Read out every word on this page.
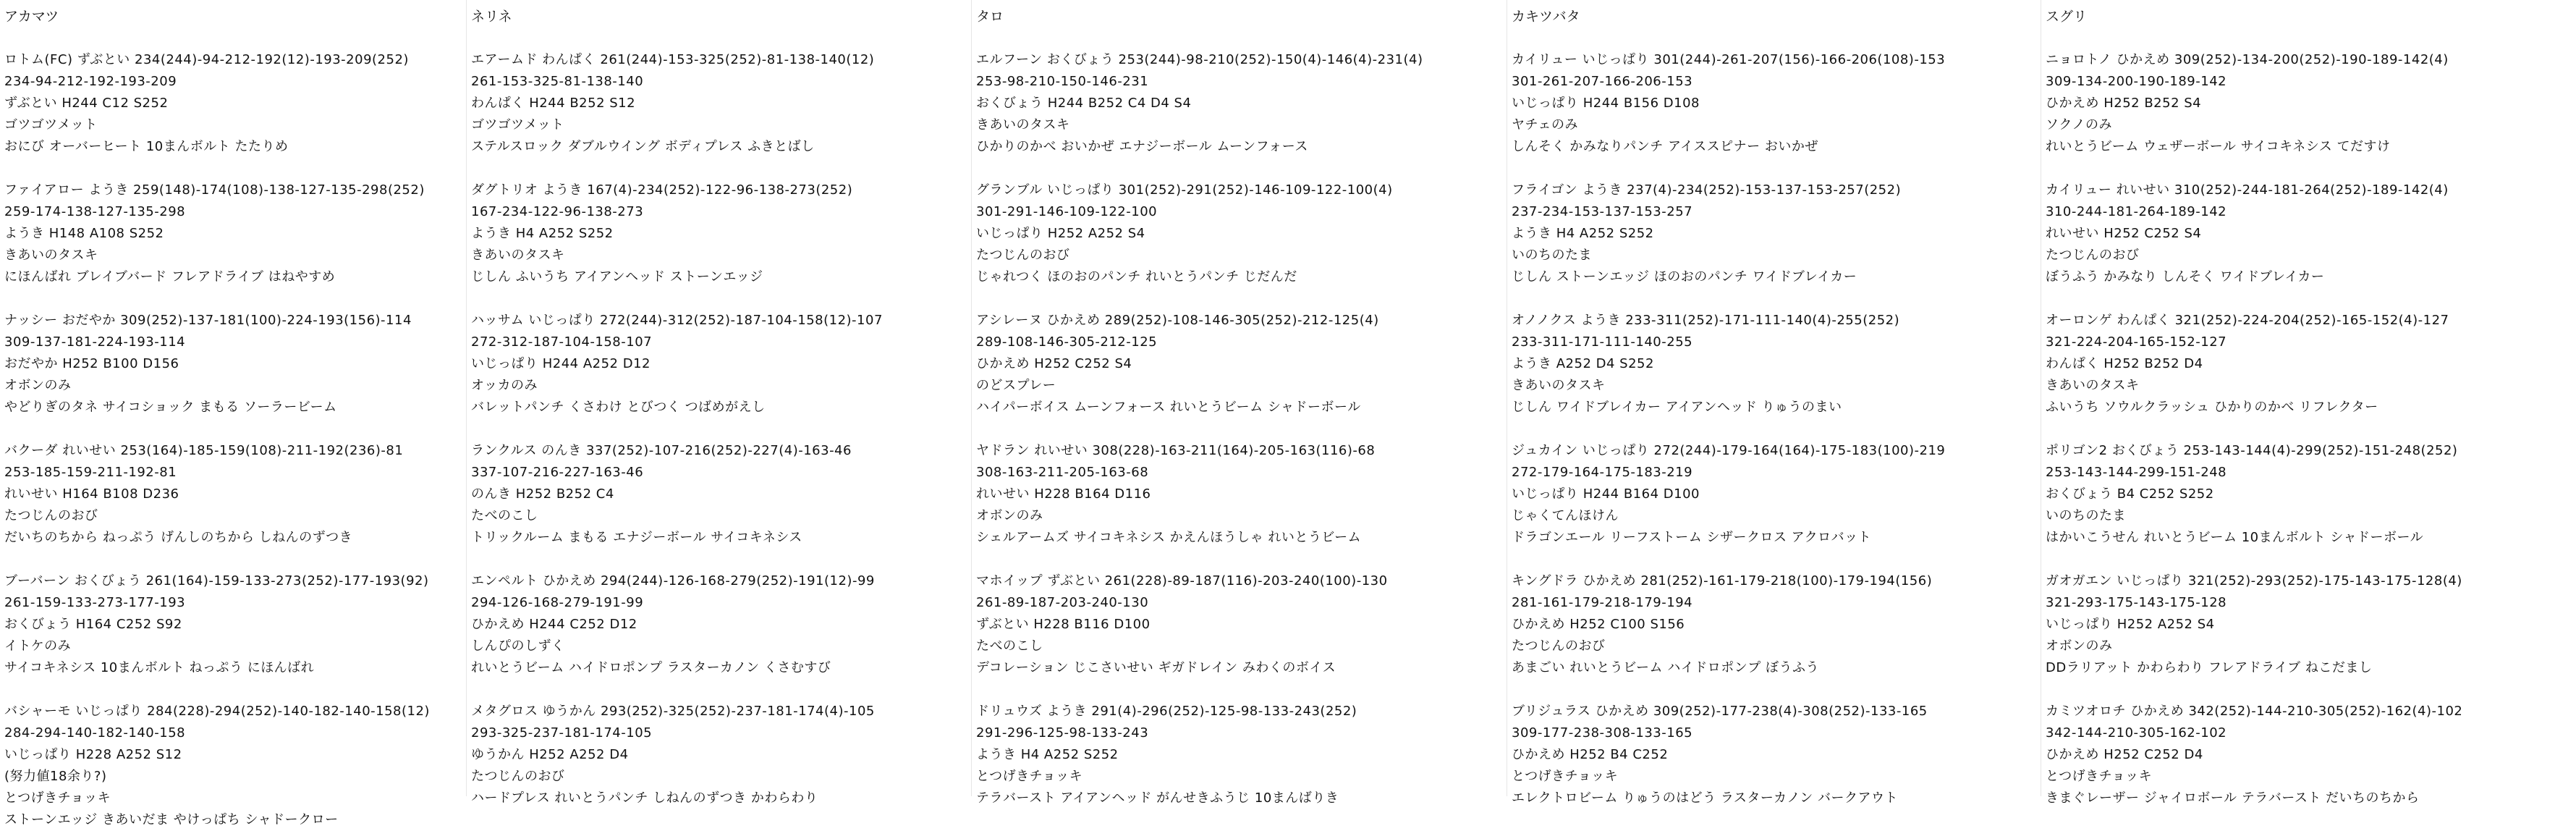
アカマツ
ロトム(FC) ずぶとい 234(244)-94-212-192(12)-193-209(252)
234-94-212-192-193-209
ずぶとい H244 C12 S252
ゴツゴツメット
おにび オーバーヒート 10まんボルト たたりめ
ファイアロー ようき 259(148)-174(108)-138-127-135-298(252)
259-174-138-127-135-298
ようき H148 A108 S252
きあいのタスキ
にほんばれ ブレイブバード フレアドライブ はねやすめ
ナッシー おだやか 309(252)-137-181(100)-224-193(156)-114
309-137-181-224-193-114
おだやか H252 B100 D156
オボンのみ
やどりぎのタネ サイコショック まもる ソーラービーム
バクーダ れいせい 253(164)-185-159(108)-211-192(236)-81
253-185-159-211-192-81
れいせい H164 B108 D236
たつじんのおび
だいちのちから ねっぷう げんしのちから しねんのずつき
ブーバーン おくびょう 261(164)-159-133-273(252)-177-193(92)
261-159-133-273-177-193
おくびょう H164 C252 S92
イトケのみ
サイコキネシス 10まんボルト ねっぷう にほんばれ
バシャーモ いじっぱり 284(228)-294(252)-140-182-140-158(12)
284-294-140-182-140-158
いじっぱり H228 A252 S12
(努力値18余り?)
とつげきチョッキ
ストーンエッジ きあいだま やけっぱち シャドークロー
ネリネ
エアームド わんぱく 261(244)-153-325(252)-81-138-140(12)
261-153-325-81-138-140
わんぱく H244 B252 S12
ゴツゴツメット
ステルスロック ダブルウイング ボディプレス ふきとばし
ダグトリオ ようき 167(4)-234(252)-122-96-138-273(252)
167-234-122-96-138-273
ようき H4 A252 S252
きあいのタスキ
じしん ふいうち アイアンヘッド ストーンエッジ
ハッサム いじっぱり 272(244)-312(252)-187-104-158(12)-107
272-312-187-104-158-107
いじっぱり H244 A252 D12
オッカのみ
バレットパンチ くさわけ とびつく つばめがえし
ランクルス のんき 337(252)-107-216(252)-227(4)-163-46
337-107-216-227-163-46
のんき H252 B252 C4
たべのこし
トリックルーム まもる エナジーボール サイコキネシス
エンペルト ひかえめ 294(244)-126-168-279(252)-191(12)-99
294-126-168-279-191-99
ひかえめ H244 C252 D12
しんぴのしずく
れいとうビーム ハイドロポンプ ラスターカノン くさむすび
メタグロス ゆうかん 293(252)-325(252)-237-181-174(4)-105
293-325-237-181-174-105
ゆうかん H252 A252 D4
たつじんのおび
ハードプレス れいとうパンチ しねんのずつき かわらわり
タロ
エルフーン おくびょう 253(244)-98-210(252)-150(4)-146(4)-231(4)
253-98-210-150-146-231
おくびょう H244 B252 C4 D4 S4
きあいのタスキ
ひかりのかべ おいかぜ エナジーボール ムーンフォース
グランブル いじっぱり 301(252)-291(252)-146-109-122-100(4)
301-291-146-109-122-100
いじっぱり H252 A252 S4
たつじんのおび
じゃれつく ほのおのパンチ れいとうパンチ じだんだ
アシレーヌ ひかえめ 289(252)-108-146-305(252)-212-125(4)
289-108-146-305-212-125
ひかえめ H252 C252 S4
のどスプレー
ハイパーボイス ムーンフォース れいとうビーム シャドーボール
ヤドラン れいせい 308(228)-163-211(164)-205-163(116)-68
308-163-211-205-163-68
れいせい H228 B164 D116
オボンのみ
シェルアームズ サイコキネシス かえんほうしゃ れいとうビーム
マホイップ ずぶとい 261(228)-89-187(116)-203-240(100)-130
261-89-187-203-240-130
ずぶとい H228 B116 D100
たべのこし
デコレーション じこさいせい ギガドレイン みわくのボイス
ドリュウズ ようき 291(4)-296(252)-125-98-133-243(252)
291-296-125-98-133-243
ようき H4 A252 S252
とつげきチョッキ
テラバースト アイアンヘッド がんせきふうじ 10まんばりき
カキツバタ
カイリュー いじっぱり 301(244)-261-207(156)-166-206(108)-153
301-261-207-166-206-153
いじっぱり H244 B156 D108
ヤチェのみ
しんそく かみなりパンチ アイススピナー おいかぜ
フライゴン ようき 237(4)-234(252)-153-137-153-257(252)
237-234-153-137-153-257
ようき H4 A252 S252
いのちのたま
じしん ストーンエッジ ほのおのパンチ ワイドブレイカー
オノノクス ようき 233-311(252)-171-111-140(4)-255(252)
233-311-171-111-140-255
ようき A252 D4 S252
きあいのタスキ
じしん ワイドブレイカー アイアンヘッド りゅうのまい
ジュカイン いじっぱり 272(244)-179-164(164)-175-183(100)-219
272-179-164-175-183-219
いじっぱり H244 B164 D100
じゃくてんほけん
ドラゴンエール リーフストーム シザークロス アクロバット
キングドラ ひかえめ 281(252)-161-179-218(100)-179-194(156)
281-161-179-218-179-194
ひかえめ H252 C100 S156
たつじんのおび
あまごい れいとうビーム ハイドロポンプ ぼうふう
ブリジュラス ひかえめ 309(252)-177-238(4)-308(252)-133-165
309-177-238-308-133-165
ひかえめ H252 B4 C252
とつげきチョッキ
エレクトロビーム りゅうのはどう ラスターカノン バークアウト
スグリ
ニョロトノ ひかえめ 309(252)-134-200(252)-190-189-142(4)
309-134-200-190-189-142
ひかえめ H252 B252 S4
ソクノのみ
れいとうビーム ウェザーボール サイコキネシス てだすけ
カイリュー れいせい 310(252)-244-181-264(252)-189-142(4)
310-244-181-264-189-142
れいせい H252 C252 S4
たつじんのおび
ぼうふう かみなり しんそく ワイドブレイカー
オーロンゲ わんぱく 321(252)-224-204(252)-165-152(4)-127
321-224-204-165-152-127
わんぱく H252 B252 D4
きあいのタスキ
ふいうち ソウルクラッシュ ひかりのかべ リフレクター
ポリゴン2 おくびょう 253-143-144(4)-299(252)-151-248(252)
253-143-144-299-151-248
おくびょう B4 C252 S252
いのちのたま
はかいこうせん れいとうビーム 10まんボルト シャドーボール
ガオガエン いじっぱり 321(252)-293(252)-175-143-175-128(4)
321-293-175-143-175-128
いじっぱり H252 A252 S4
オボンのみ
DDラリアット かわらわり フレアドライブ ねこだまし
カミツオロチ ひかえめ 342(252)-144-210-305(252)-162(4)-102
342-144-210-305-162-102
ひかえめ H252 C252 D4
とつげきチョッキ
きまぐレーザー ジャイロボール テラバースト だいちのちから
